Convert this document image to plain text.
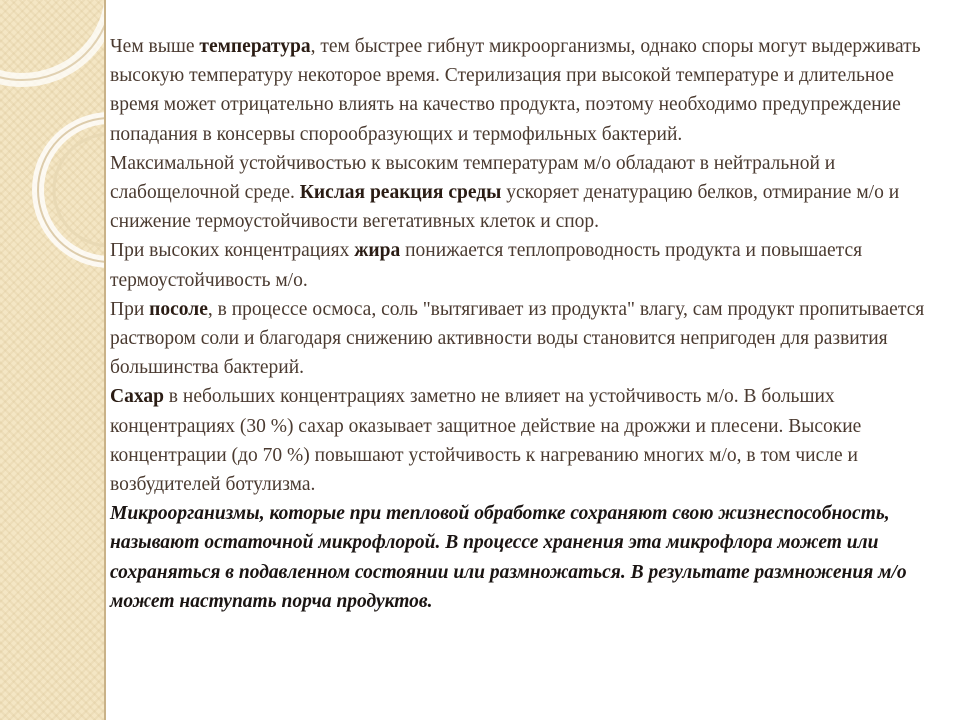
Чем выше температура, тем быстрее гибнут микроорганизмы, однако споры могут выдерживать высокую температуру некоторое время. Стерилизация при высокой температуре и длительное время может отрицательно влиять на качество продукта, поэтому необходимо предупреждение попадания в консервы спорообразующих и термофильных бактерий.

Максимальной устойчивостью к высоким температурам м/о обладают в нейтральной и слабощелочной среде. Кислая реакция среды ускоряет денатурацию белков, отмирание м/о и снижение термоустойчивости вегетативных клеток и спор.

При высоких концентрациях жира понижается теплопроводность продукта и повышается термоустойчивость м/о.

При посоле, в процессе осмоса, соль "вытягивает из продукта" влагу, сам продукт пропитывается раствором соли и благодаря снижению активности воды становится непригоден для развития большинства бактерий.

Сахар в небольших концентрациях заметно не влияет на устойчивость м/о. В больших концентрациях (30 %) сахар оказывает защитное действие на дрожжи и плесени. Высокие концентрации (до 70 %) повышают устойчивость к нагреванию многих м/о, в том числе и возбудителей ботулизма.

Микроорганизмы, которые при тепловой обработке сохраняют свою жизнеспособность, называют остаточной микрофлорой. В процессе хранения эта микрофлора может или сохраняться в подавленном состоянии или размножаться. В результате размножения м/о может наступать порча продуктов.
